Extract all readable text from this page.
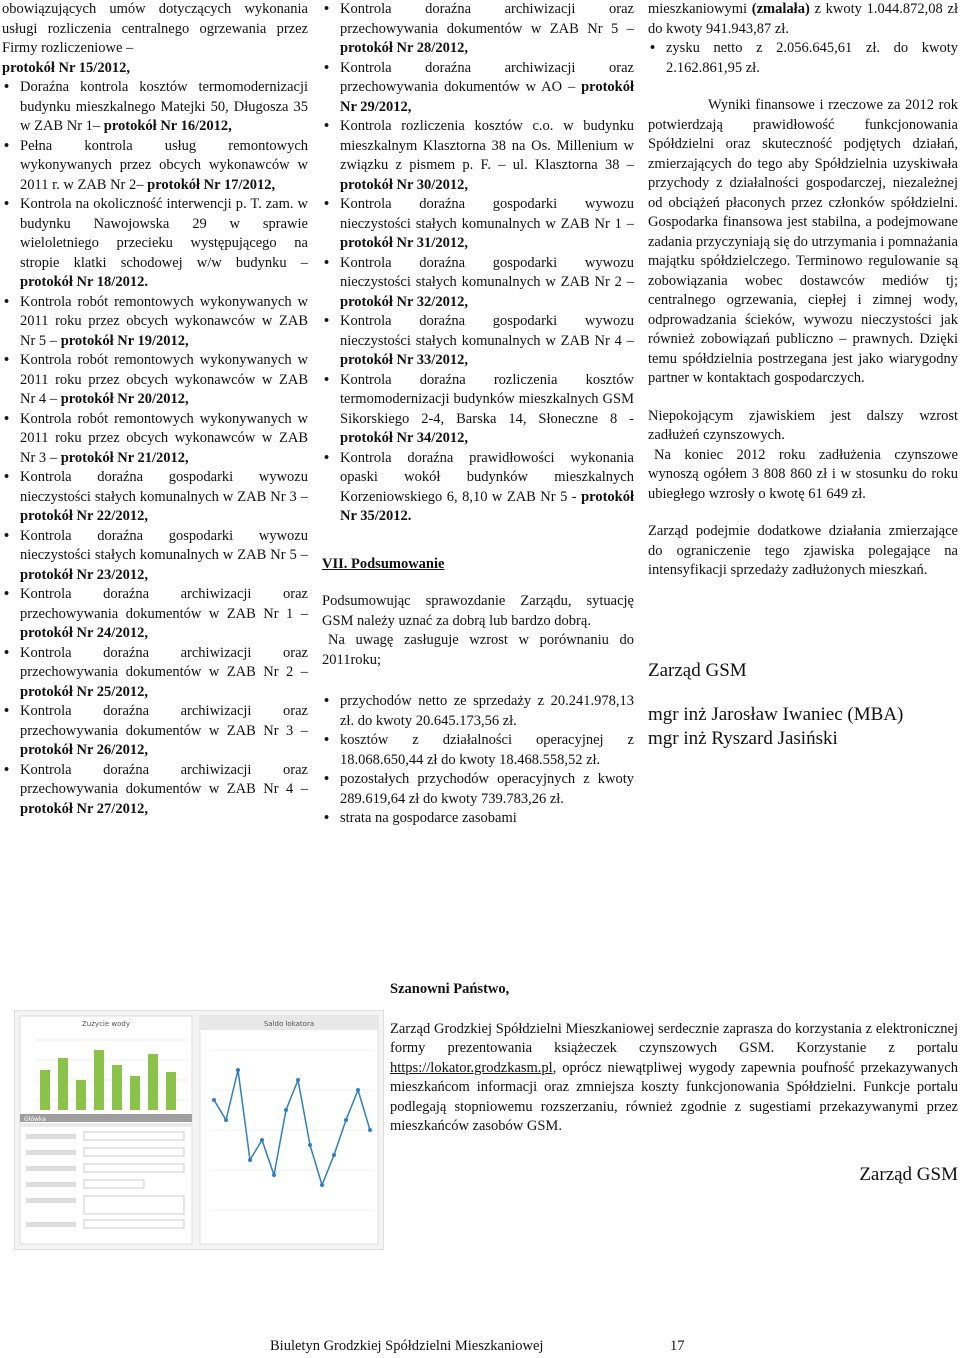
obowiązujących umów dotyczących wykonania usługi rozliczenia centralnego ogrzewania przez Firmy rozliczeniowe –
protokół Nr 15/2012,

• Doraźna kontrola kosztów termomodernizacji budynku mieszkalnego Matejki 50, Długosza 35 w ZAB Nr 1– protokół Nr 16/2012,
• Pełna kontrola usług remontowych wykonywanych przez obcych wykonawców w 2011 r. w ZAB Nr 2– protokół Nr 17/2012,
• Kontrola na okoliczność interwencji p. T. zam. w budynku Nawojowska 29 w sprawie wieloletniego przecieku występującego na stropie klatki schodowej w/w budynku – protokół Nr 18/2012.
• Kontrola robót remontowych wykonywanych w 2011 roku przez obcych wykonawców w ZAB Nr 5 – protokół Nr 19/2012,
• Kontrola robót remontowych wykonywanych w 2011 roku przez obcych wykonawców w ZAB Nr 4 – protokół Nr 20/2012,
• Kontrola robót remontowych wykonywanych w 2011 roku przez obcych wykonawców w ZAB Nr 3 – protokół Nr 21/2012,
• Kontrola doraźna gospodarki wywozu nieczystości stałych komunalnych w ZAB Nr 3 – protokół Nr 22/2012,
• Kontrola doraźna gospodarki wywozu nieczystości stałych komunalnych w ZAB Nr 5 – protokół Nr 23/2012,
• Kontrola doraźna archiwizacji oraz przechowywania dokumentów w ZAB Nr 1 – protokół Nr 24/2012,
• Kontrola doraźna archiwizacji oraz przechowywania dokumentów w ZAB Nr 2 – protokół Nr 25/2012,
• Kontrola doraźna archiwizacji oraz przechowywania dokumentów w ZAB Nr 3 – protokół Nr 26/2012,
• Kontrola doraźna archiwizacji oraz przechowywania dokumentów w ZAB Nr 4 – protokół Nr 27/2012,
• Kontrola doraźna archiwizacji oraz przechowywania dokumentów w ZAB Nr 5 – protokół Nr 28/2012,
• Kontrola doraźna archiwizacji oraz przechowywania dokumentów w AO – protokół Nr 29/2012,
• Kontrola rozliczenia kosztów c.o. w budynku mieszkalnym Klasztorna 38 na Os. Millenium w związku z pismem p. F. – ul. Klasztorna 38 – protokół Nr 30/2012,
• Kontrola doraźna gospodarki wywozu nieczystości stałych komunalnych w ZAB Nr 1 – protokół Nr 31/2012,
• Kontrola doraźna gospodarki wywozu nieczystości stałych komunalnych w ZAB Nr 2 – protokół Nr 32/2012,
• Kontrola doraźna gospodarki wywozu nieczystości stałych komunalnych w ZAB Nr 4 – protokół Nr 33/2012,
• Kontrola doraźna rozliczenia kosztów termomodernizacji budynków mieszkalnych GSM Sikorskiego 2-4, Barska 14, Słoneczne 8 - protokół Nr 34/2012,
• Kontrola doraźna prawidłowości wykonania opaski wokół budynków mieszkalnych Korzeniowskiego 6, 8,10 w ZAB Nr 5 - protokół Nr 35/2012.
VII. Podsumowanie

Podsumowując sprawozdanie Zarządu, sytuację GSM należy uznać za dobrą lub bardzo dobrą.

Na uwagę zasługuje wzrost w porównaniu do 2011roku;

• przychodów netto ze sprzedaży z 20.241.978,13 zł. do kwoty 20.645.173,56 zł.
• kosztów z działalności operacyjnej z 18.068.650,44 zł do kwoty 18.468.558,52 zł.
• pozostałych przychodów operacyjnych z kwoty 289.619,64 zł do kwoty 739.783,26 zł.
• strata na gospodarce zasobami

mieszkaniowymi (zmalała) z kwoty 1.044.872,08 zł do kwoty 941.943,87 zł.

• zysku netto z 2.056.645,61 zł. do kwoty 2.162.861,95 zł.

Wyniki finansowe i rzeczowe za 2012 rok potwierdzają prawidłowość funkcjonowania Spółdzielni oraz skuteczność podjętych działań, zmierzających do tego aby Spółdzielnia uzyskiwała przychody z działalności gospodarczej, niezależnej od obciążeń płaconych przez członków spółdzielni. Gospodarka finansowa jest stabilna, a podejmowane zadania przyczyniają się do utrzymania i pomnażania majątku spółdzielczego. Terminowo regulowanie są zobowiązania wobec dostawców mediów tj; centralnego ogrzewania, ciepłej i zimnej wody, odprowadzania ścieków, wywozu nieczystości jak również zobowiązań publiczno – prawnych. Dzięki temu spółdzielnia postrzegana jest jako wiarygodny partner w kontaktach gospodarczych.

Niepokojącym zjawiskiem jest dalszy wzrost zadłużeń czynszowych.

Na koniec 2012 roku zadłużenia czynszowe wynoszą ogółem 3 808 860 zł i w stosunku do roku ubiegłego wzrosły o kwotę 61 649 zł.

Zarząd podejmie dodatkowe działania zmierzające do ograniczenie tego zjawiska polegające na intensyfikacji sprzedaży zadłużonych mieszkań.

Zarząd GSM

mgr inż Jarosław Iwaniec (MBA)

mgr inż Ryszard Jasiński

Zużycie wody
Główka
Saldo lokatora

Szanowni Państwo,

Zarząd Grodzkiej Spółdzielni Mieszkaniowej serdecznie zaprasza do korzystania z elektronicznej formy prezentowania książeczek czynszowych GSM. Korzystanie z portalu https://lokator.grodzkasm.pl, oprócz niewątpliwej wygody zapewnia poufność przekazywanych mieszkańcom informacji oraz zmniejsza koszty funkcjonowania Spółdzielni. Funkcje portalu podlegają stopniowemu rozszerzaniu, również zgodnie z sugestiami przekazywanymi przez mieszkańców zasobów GSM.

Zarząd GSM

Biuletyn Grodzkiej Spółdzielni Mieszkaniowej	17
